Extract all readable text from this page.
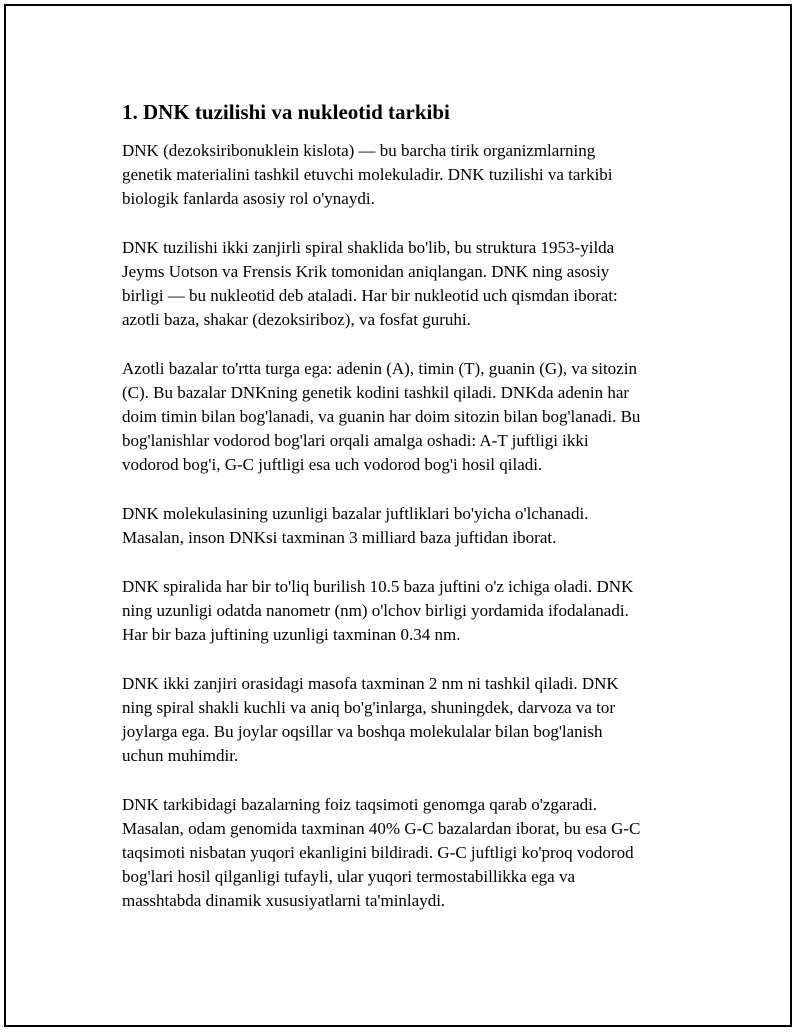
1. DNK tuzilishi va nukleotid tarkibi
DNK (dezoksiribonuklein kislota) — bu barcha tirik organizmlarning
genetik materialini tashkil etuvchi molekuladir. DNK tuzilishi va tarkibi
biologik fanlarda asosiy rol o'ynaydi.
DNK tuzilishi ikki zanjirli spiral shaklida bo'lib, bu struktura 1953-yilda
Jeyms Uotson va Frensis Krik tomonidan aniqlangan. DNK ning asosiy
birligi — bu nukleotid deb ataladi. Har bir nukleotid uch qismdan iborat:
azotli baza, shakar (dezoksiriboz), va fosfat guruhi.
Azotli bazalar to'rtta turga ega: adenin (A), timin (T), guanin (G), va sitozin
(C). Bu bazalar DNKning genetik kodini tashkil qiladi. DNKda adenin har
doim timin bilan bog'lanadi, va guanin har doim sitozin bilan bog'lanadi. Bu
bog'lanishlar vodorod bog'lari orqali amalga oshadi: A-T juftligi ikki
vodorod bog'i, G-C juftligi esa uch vodorod bog'i hosil qiladi.
DNK molekulasining uzunligi bazalar juftliklari bo'yicha o'lchanadi.
Masalan, inson DNKsi taxminan 3 milliard baza juftidan iborat.
DNK spiralida har bir to'liq burilish 10.5 baza juftini o'z ichiga oladi. DNK
ning uzunligi odatda nanometr (nm) o'lchov birligi yordamida ifodalanadi.
Har bir baza juftining uzunligi taxminan 0.34 nm.
DNK ikki zanjiri orasidagi masofa taxminan 2 nm ni tashkil qiladi. DNK
ning spiral shakli kuchli va aniq bo'g'inlarga, shuningdek, darvoza va tor
joylarga ega. Bu joylar oqsillar va boshqa molekulalar bilan bog'lanish
uchun muhimdir.
DNK tarkibidagi bazalarning foiz taqsimoti genomga qarab o'zgaradi.
Masalan, odam genomida taxminan 40% G-C bazalardan iborat, bu esa G-C
taqsimoti nisbatan yuqori ekanligini bildiradi. G-C juftligi ko'proq vodorod
bog'lari hosil qilganligi tufayli, ular yuqori termostabillikka ega va
masshtabda dinamik xususiyatlarni ta'minlaydi.
